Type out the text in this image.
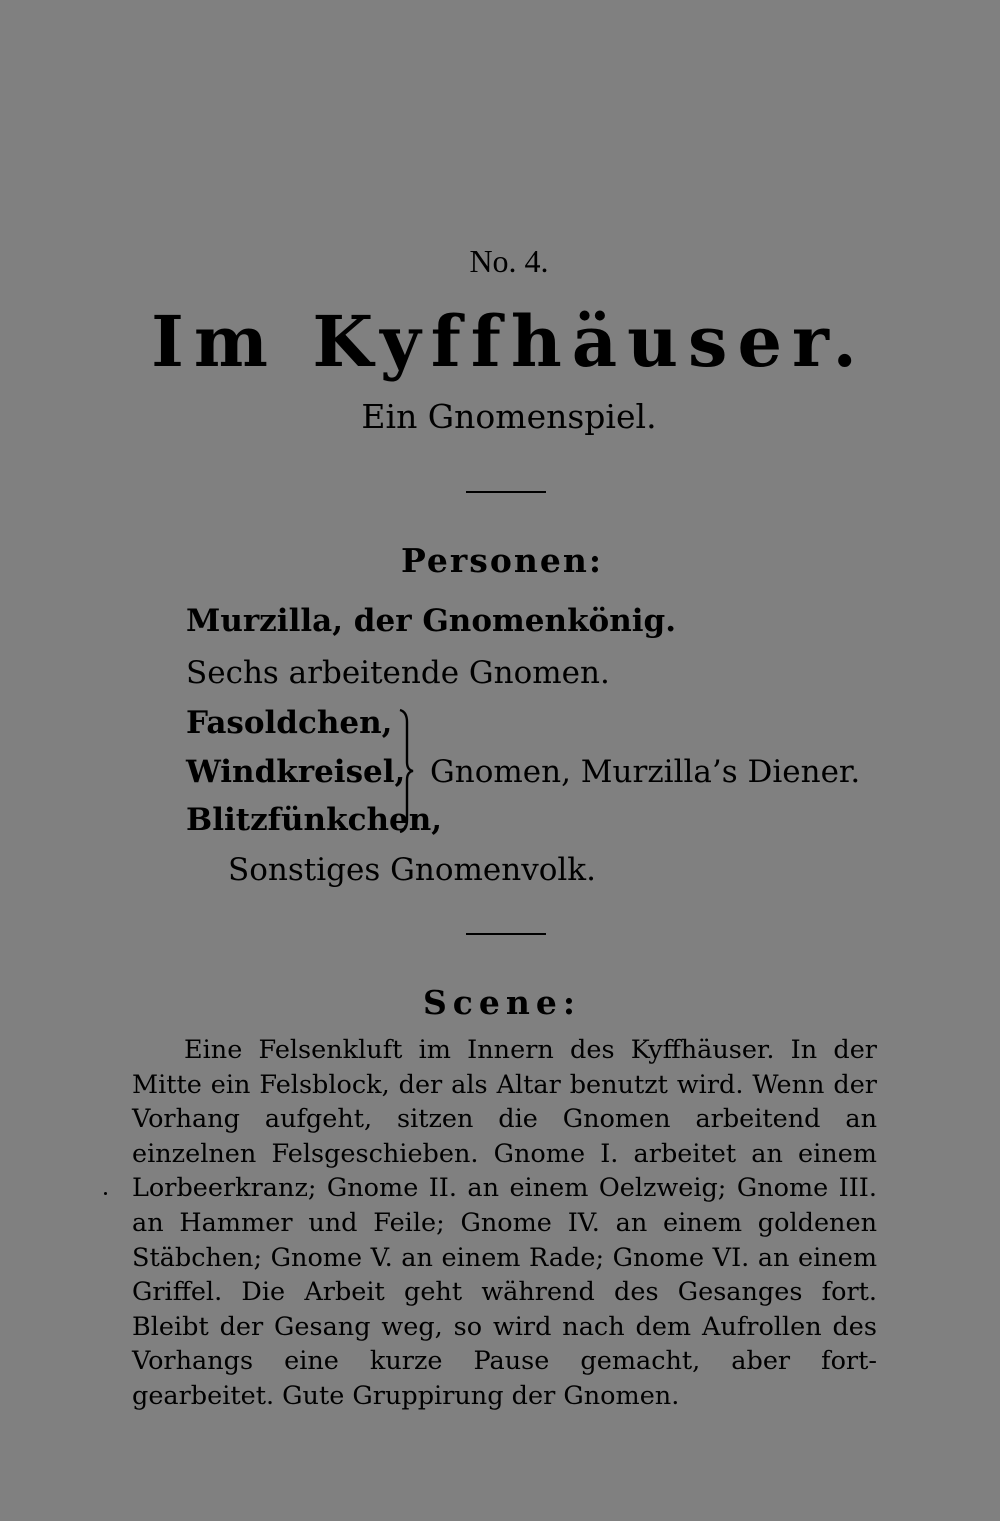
No. 4.
Im Kyffhäuser.
Ein Gnomenspiel.
Personen:
Murzilla, der Gnomenkönig.
Sechs arbeitende Gnomen.
Fasoldchen,
Windkreisel,
Blitzfünkchen,
Gnomen, Murzilla’s Diener.
Sonstiges Gnomenvolk.
Scene:
Eine Felsenkluft im Innern des Kyffhäuser. In der Mitte ein Felsblock, der als Altar benutzt wird. Wenn der Vorhang aufgeht, sitzen die Gnomen arbeitend an einzelnen Felsgeschieben. Gnome I. arbeitet an einem Lorbeerkranz; Gnome II. an einem Oelzweig; Gnome III. an Hammer und Feile; Gnome IV. an einem goldenen Stäbchen; Gnome V. an einem Rade; Gnome VI. an einem Griffel. Die Arbeit geht während des Gesanges fort. Bleibt der Gesang weg, so wird nach dem Aufrollen des Vorhangs eine kurze Pause gemacht, aber fort- gearbeitet. Gute Gruppirung der Gnomen.
